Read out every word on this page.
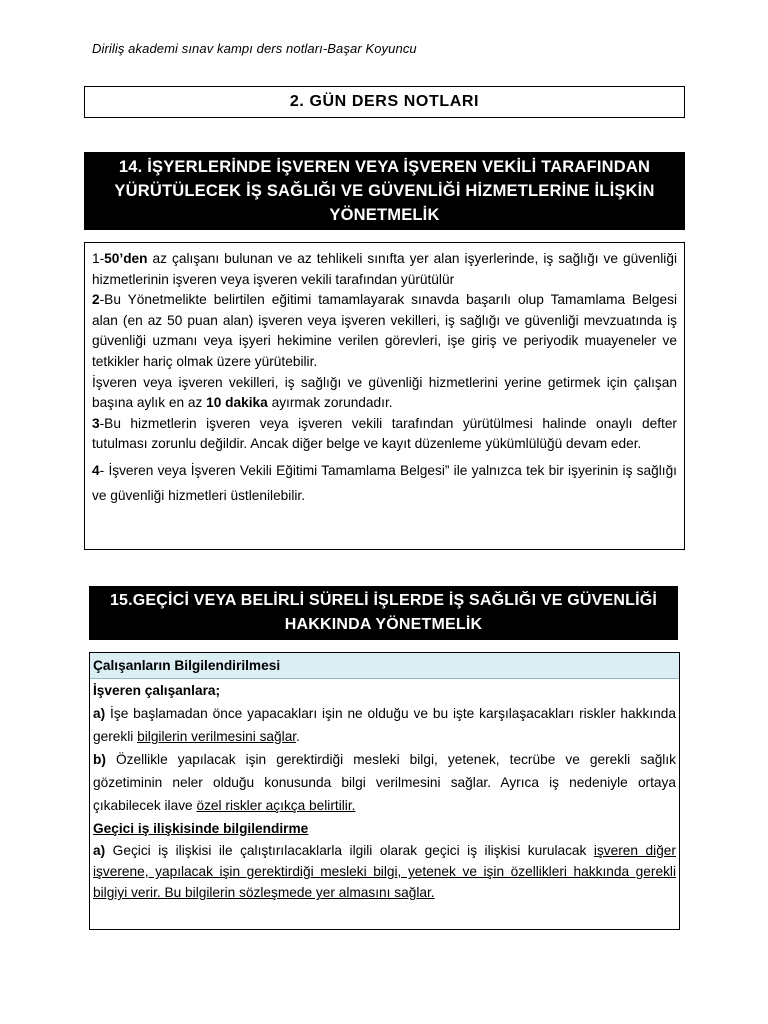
Diriliş akademi sınav kampı ders notları-Başar Koyuncu
2. GÜN DERS NOTLARI
14. İŞYERLERİNDE İŞVEREN VEYA İŞVEREN VEKİLİ TARAFINDAN
YÜRÜTÜLECEK İŞ SAĞLIĞI VE GÜVENLİĞİ HİZMETLERİNE İLİŞKİN
YÖNETMELİK

1-50’den az çalışanı bulunan ve az tehlikeli sınıfta yer alan işyerlerinde, iş sağlığı ve güvenliği hizmetlerinin işveren veya işveren vekili tarafından yürütülür

2-Bu Yönetmelikte belirtilen eğitimi tamamlayarak sınavda başarılı olup Tamamlama Belgesi alan (en az 50 puan alan) işveren veya işveren vekilleri, iş sağlığı ve güvenliği mevzuatında iş güvenliği uzmanı veya işyeri hekimine verilen görevleri, işe giriş ve periyodik muayeneler ve tetkikler hariç olmak üzere yürütebilir.

İşveren veya işveren vekilleri, iş sağlığı ve güvenliği hizmetlerini yerine getirmek için çalışan başına aylık en az 10 dakika ayırmak zorundadır.

3-Bu hizmetlerin işveren veya işveren vekili tarafından yürütülmesi halinde onaylı defter tutulması zorunlu değildir. Ancak diğer belge ve kayıt düzenleme yükümlülüğü devam eder.

4- İşveren veya İşveren Vekili Eğitimi Tamamlama Belgesi” ile yalnızca tek bir işyerinin iş sağlığı ve güvenliği hizmetleri üstlenilebilir.

15.GEÇİCİ VEYA BELİRLİ SÜRELİ İŞLERDE İŞ SAĞLIĞI VE GÜVENLİĞİ
HAKKINDA YÖNETMELİK
Çalışanların Bilgilendirilmesi

İşveren çalışanlara;

a) İşe başlamadan önce yapacakları işin ne olduğu ve bu işte karşılaşacakları riskler hakkında gerekli bilgilerin verilmesini sağlar.

b) Özellikle yapılacak işin gerektirdiği mesleki bilgi, yetenek, tecrübe ve gerekli sağlık gözetiminin neler olduğu konusunda bilgi verilmesini sağlar. Ayrıca iş nedeniyle ortaya çıkabilecek ilave özel riskler açıkça belirtilir.

Geçici iş ilişkisinde bilgilendirme

a) Geçici iş ilişkisi ile çalıştırılacaklarla ilgili olarak geçici iş ilişkisi kurulacak işveren diğer işverene, yapılacak işin gerektirdiği mesleki bilgi, yetenek ve işin özellikleri hakkında gerekli bilgiyi verir. Bu bilgilerin sözleşmede yer almasını sağlar.
